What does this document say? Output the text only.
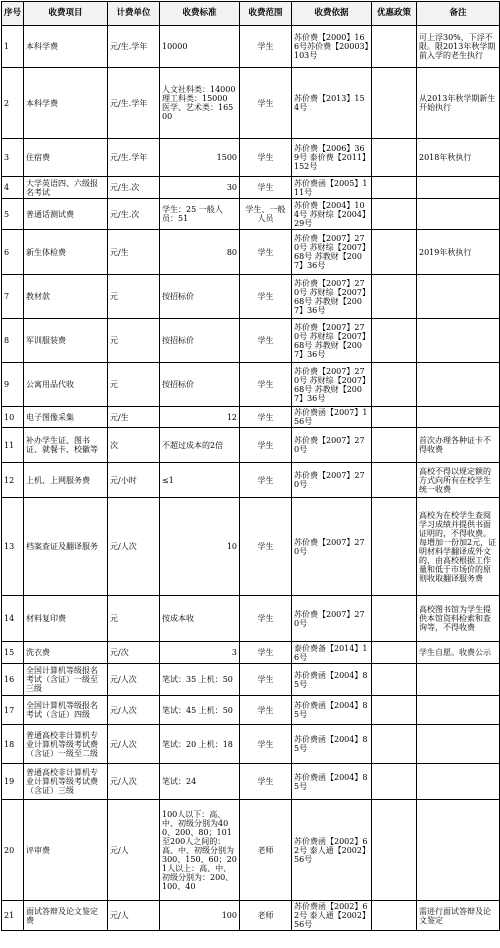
序号	收费项目	计费单位	收费标准	收费范围	收费依据	优惠政策	备注
1	本科学费	元/生.学年	10000	学生	苏价费【2000】166号苏价费【20003】103号		可上浮30%，下浮不限。限2013年秋学期前入学的老生执行
2	本科学费	元/生.学年	人文社科类：14000 理工科类：15000 医学、艺术类：16500	学生	苏价费【2013】154号		从2013年秋学期新生开始执行
3	住宿费	元/生.学年	1500	学生	苏价费【2006】369号 泰价费【2011】152号		2018年秋执行
4	大学英语四、六级报名考试	元/生.次	30	学生	苏价费函【2005】111号		
5	普通话测试费	元/生.次	学生：25 一般人员：51	学生、一般人员	苏价费【2004】104号 苏财综【2004】29号		
6	新生体检费	元/生	80	学生	苏价费【2007】270号 苏财综【2007】68号 苏教财【2007】36号		2019年秋执行
7	教材款	元	按招标价	学生	苏价费【2007】270号 苏财综【2007】68号 苏教财【2007】36号		
8	军训服装费	元	按招标价	学生	苏价费【2007】270号 苏财综【2007】68号 苏教财【2007】36号		
9	公寓用品代收	元	按招标价	学生	苏价费【2007】270号 苏财综【2007】68号 苏教财【2007】36号		
10	电子图像采集	元/生	12	学生	苏价费函【2007】156号		
11	补办学生证、图书证、就餐卡、校徽等	次	不超过成本的2倍	学生	苏价费【2007】270号		首次办理各种证卡不得收费
12	上机、上网服务费	元/小时	≤1	学生	苏价费【2007】270号		高校不得以规定额的方式向所有在校学生统一收费
13	档案查证及翻译服务	元/人次	10	学生	苏价费【2007】270号		高校为在校学生查阅学习成绩并提供书面证明的，不得收费。每增加一份加2元，证明材料学翻译成外文的，由高校根据工作量和低于市场价的原则收取翻译服务费
14	材料复印费	元	按成本收	学生	苏价费【2007】270号		高校图书馆为学生提供本馆资料检索和查询等，不得收费
15	洗衣费	元/次	3	学生	泰价费备【2014】16号		学生自愿。收费公示
16	全国计算机等级报名考试（含证）一级至三级	元/人次	笔试：35 上机：50	学生	苏价费函【2004】85号		
17	全国计算机等级报名考试（含证）四级	元/人次	笔试：45 上机：50	学生	苏价费函【2004】85号		
18	普通高校非计算机专业计算机等级考试费（含证）一级至二级	元/人次	笔试：20 上机：18	学生	苏价费函【2004】85号		
19	普通高校非计算机专业计算机等级考试费（含证）三级	元/人次	笔试：24	学生	苏价费函【2004】85号		
20	评审费	元/人	100人以下：高、中、初级分别为400、200、80；101至200人之间的：高、中、初级分别为300、150、60；201人以上：高、中、初级分别为：200、100、40	老师	苏价费函【2002】62号 泰人通【2002】56号		
21	面试答辩及论文鉴定费	元/人	100	老师	苏价费函【2002】62号 泰人通【2002】56号		需进行面试答辩及论文鉴定
